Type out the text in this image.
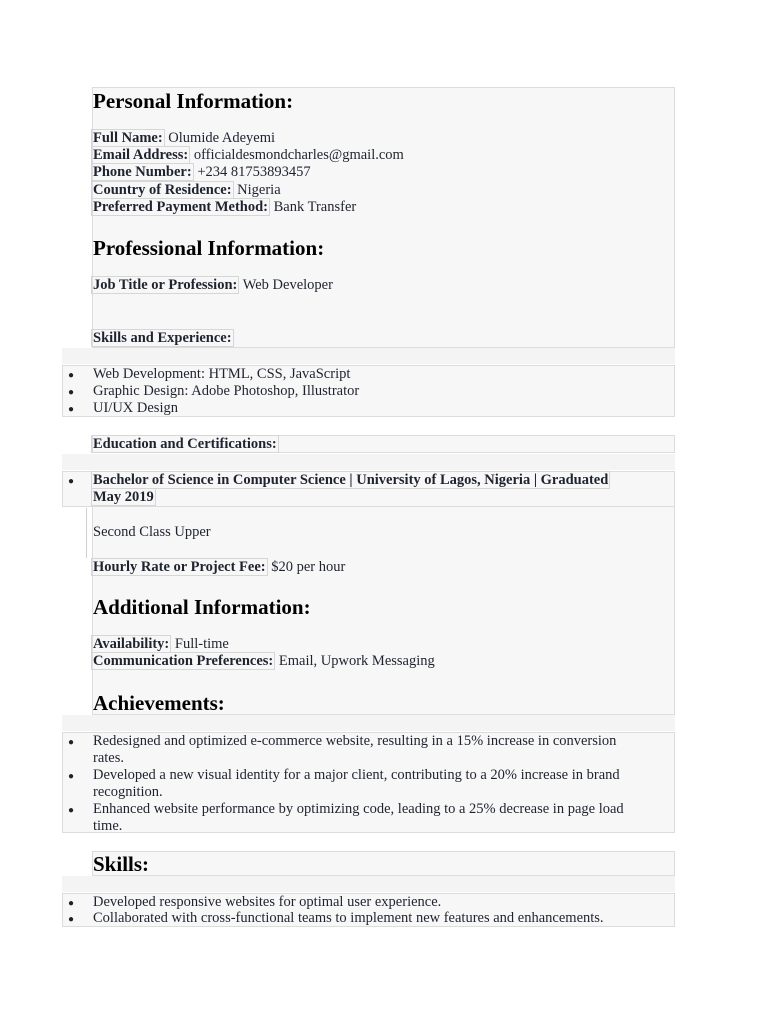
Personal Information:
Full Name: Olumide Adeyemi
Email Address: officialdesmondcharles@gmail.com
Phone Number: +234 81753893457
Country of Residence: Nigeria
Preferred Payment Method: Bank Transfer
Professional Information:
Job Title or Profession: Web Developer
Skills and Experience:
● Web Development: HTML, CSS, JavaScript
● Graphic Design: Adobe Photoshop, Illustrator
● UI/UX Design
Education and Certifications:
● Bachelor of Science in Computer Science | University of Lagos, Nigeria | Graduated
May 2019
Second Class Upper
Hourly Rate or Project Fee: $20 per hour
Additional Information:
Availability: Full-time
Communication Preferences: Email, Upwork Messaging
Achievements:
● Redesigned and optimized e-commerce website, resulting in a 15% increase in conversion
rates.
● Developed a new visual identity for a major client, contributing to a 20% increase in brand
recognition.
● Enhanced website performance by optimizing code, leading to a 25% decrease in page load
time.
Skills:
● Developed responsive websites for optimal user experience.
● Collaborated with cross-functional teams to implement new features and enhancements.
